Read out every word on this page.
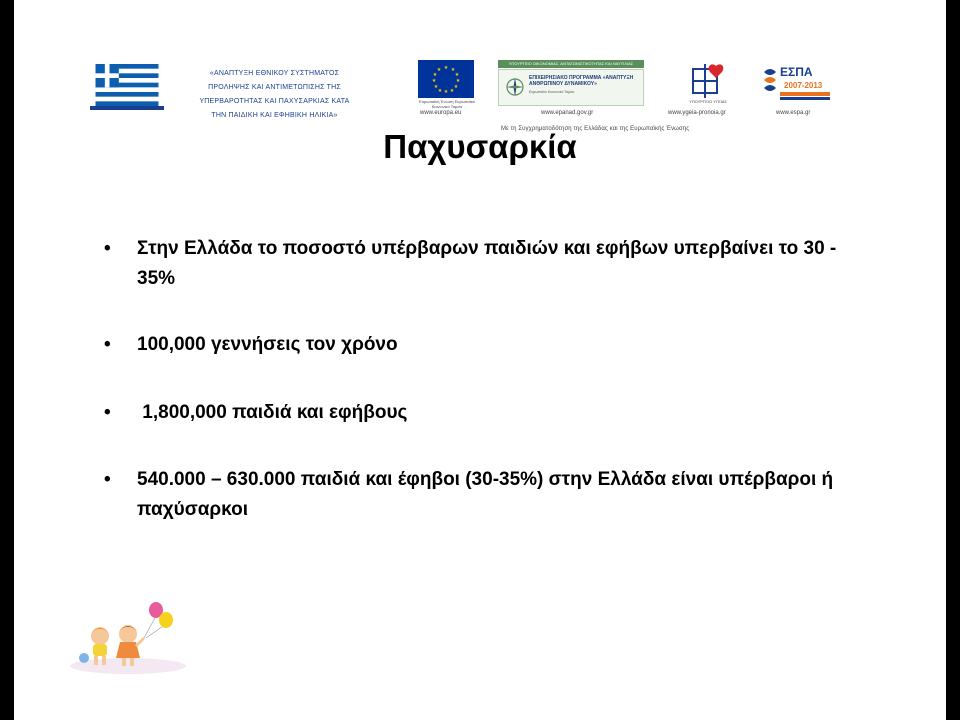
«ΑΝΑΠΤΥΞΗ ΕΘΝΙΚΟΥ ΣΥΣΤΗΜΑΤΟΣ
ΠΡΟΛΗΨΗΣ ΚΑΙ ΑΝΤΙΜΕΤΩΠΙΣΗΣ ΤΗΣ
ΥΠΕΡΒΑΡΟΤΗΤΑΣ ΚΑΙ ΠΑΧΥΣΑΡΚΙΑΣ ΚΑΤΑ
ΤΗΝ ΠΑΙΔΙΚΗ ΚΑΙ ΕΦΗΒΙΚΗ ΗΛΙΚΙΑ»
★ ★
★
★
★
★
★
★
★
★
★
★
Ευρωπαϊκή Ένωση Ευρωπαϊκό Κοινωνικό Ταμείο
ΥΠΟΥΡΓΕΙΟ ΟΙΚΟΝΟΜΙΑΣ, ΑΝΤΑΓΩΝΙΣΤΙΚΟΤΗΤΑΣ ΚΑΙ ΝΑΥΤΙΛΙΑΣ
ΕΠΙΧΕΙΡΗΣΙΑΚΟ ΠΡΟΓΡΑΜΜΑ «ΑΝΑΠΤΥΞΗ ΑΝΘΡΩΠΙΝΟΥ ΔΥΝΑΜΙΚΟΥ»
Ευρωπαϊκό Κοινωνικό Ταμείο
ΥΠΟΥΡΓΕΙΟ ΥΓΕΙΑΣ
ΕΣΠΑ
2007-2013
www.europa.eu	www.epanad.gov.gr	www.ygeia-pronoia.gr	www.espa.gr
Με τη Συγχρηματοδότηση της Ελλάδας και της Ευρωπαϊκής Ένωσης
Παχυσαρκία
• Στην Ελλάδα το ποσοστό υπέρβαρων παιδιών και εφήβων υπερβαίνει το 30 - 35%
• 100,000 γεννήσεις τον χρόνο
• 1,800,000 παιδιά και εφήβους
• 540.000 – 630.000 παιδιά και έφηβοι (30-35%) στην Ελλάδα είναι υπέρβαροι ή παχύσαρκοι
